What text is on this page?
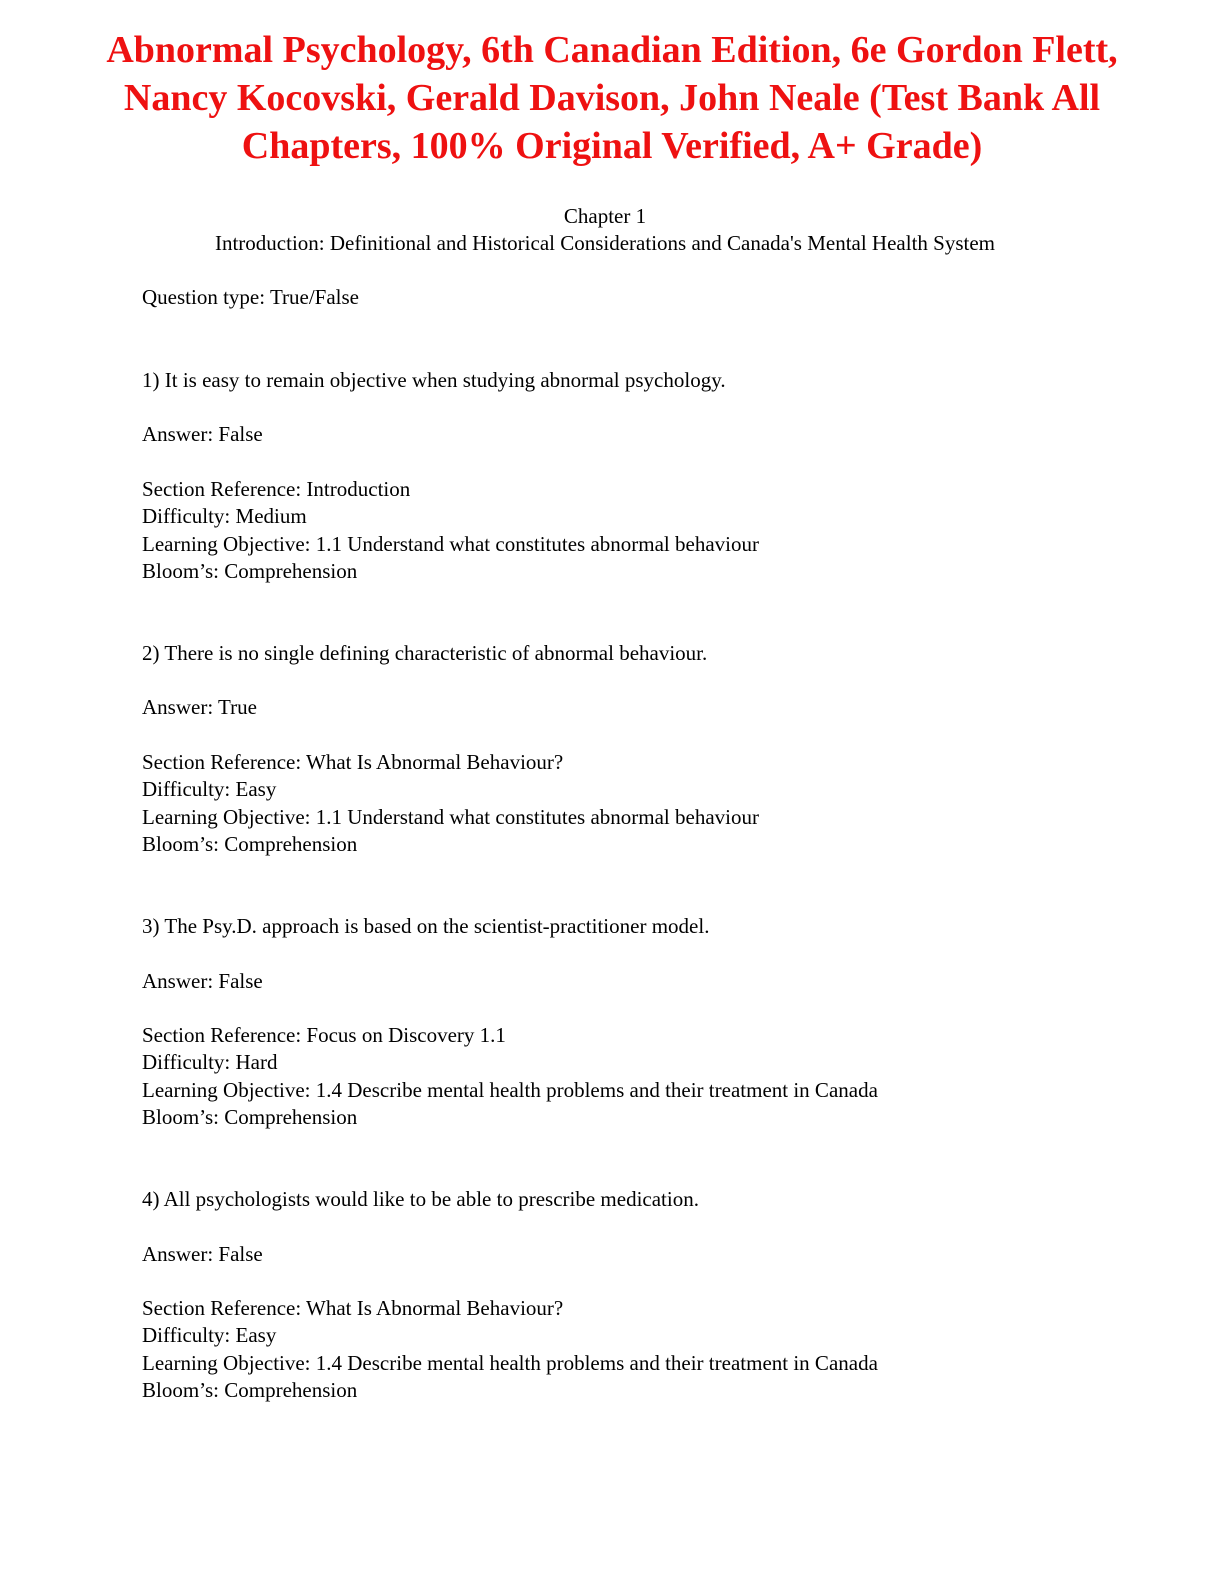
Abnormal Psychology, 6th Canadian Edition, 6e Gordon Flett, Nancy Kocovski, Gerald Davison, John Neale (Test Bank All Chapters, 100% Original Verified, A+ Grade)
Chapter 1
Introduction: Definitional and Historical Considerations and Canada's Mental Health System
Question type: True/False
1) It is easy to remain objective when studying abnormal psychology.
Answer: False
Section Reference: Introduction
Difficulty: Medium
Learning Objective: 1.1 Understand what constitutes abnormal behaviour
Bloom’s: Comprehension
2) There is no single defining characteristic of abnormal behaviour.
Answer: True
Section Reference: What Is Abnormal Behaviour?
Difficulty: Easy
Learning Objective: 1.1 Understand what constitutes abnormal behaviour
Bloom’s: Comprehension
3) The Psy.D. approach is based on the scientist-practitioner model.
Answer: False
Section Reference: Focus on Discovery 1.1
Difficulty: Hard
Learning Objective: 1.4 Describe mental health problems and their treatment in Canada
Bloom’s: Comprehension
4) All psychologists would like to be able to prescribe medication.
Answer: False
Section Reference: What Is Abnormal Behaviour?
Difficulty: Easy
Learning Objective: 1.4 Describe mental health problems and their treatment in Canada
Bloom’s: Comprehension
